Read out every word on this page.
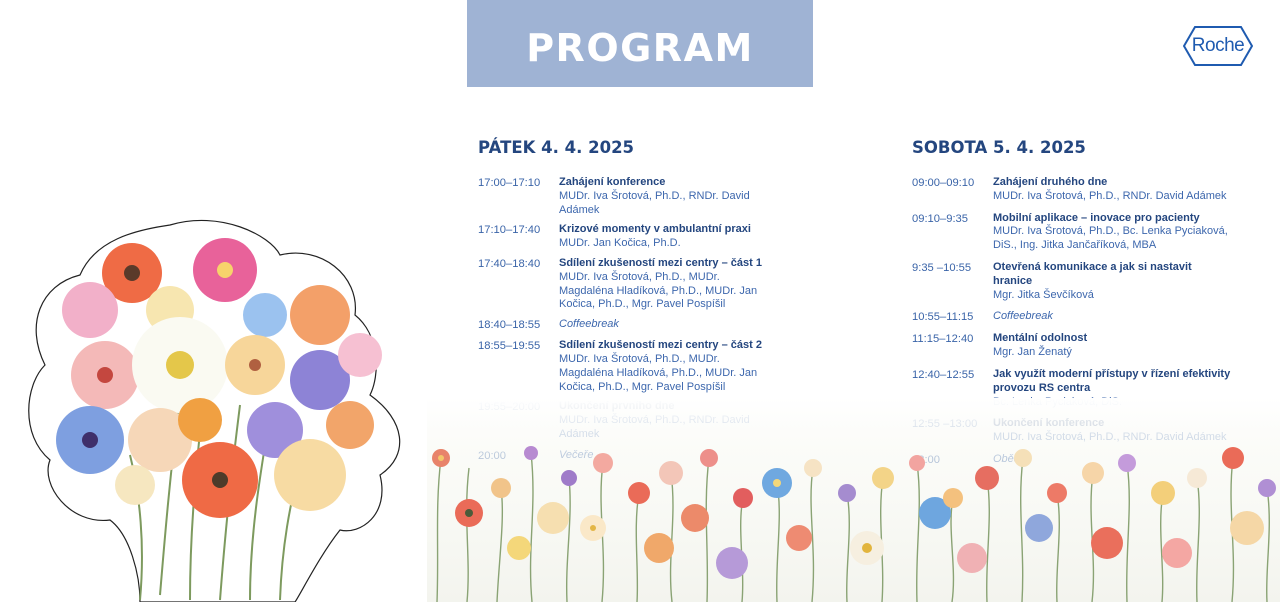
PROGRAM	Roche
PÁTEK 4. 4. 2025
17:00–17:10	Zahájení konference
MUDr. Iva Šrotová, Ph.D., RNDr. David Adámek
17:10–17:40	Krizové momenty v ambulantní praxi
MUDr. Jan Kočica, Ph.D.
17:40–18:40	Sdílení zkušeností mezi centry – část 1
MUDr. Iva Šrotová, Ph.D., MUDr. Magdaléna Hladíková, Ph.D., MUDr. Jan Kočica, Ph.D., Mgr. Pavel Pospíšil
18:40–18:55	Coffeebreak
18:55–19:55	Sdílení zkušeností mezi centry – část 2
MUDr. Iva Šrotová, Ph.D., MUDr. Magdaléna Hladíková, Ph.D., MUDr. Jan Kočica, Ph.D., Mgr. Pavel Pospíšil
SOBOTA 5. 4. 2025
09:00–09:10	Zahájení druhého dne
MUDr. Iva Šrotová, Ph.D., RNDr. David Adámek
09:10–9:35	Mobilní aplikace – inovace pro pacienty
MUDr. Iva Šrotová, Ph.D., Bc. Lenka Pyciaková, DiS., Ing. Jitka Jančaříková, MBA
9:35 –10:55	Otevřená komunikace a jak si nastavit hranice
Mgr. Jitka Ševčíková
10:55–11:15	Coffeebreak
11:15–12:40	Mentální odolnost
Mgr. Jan Ženatý
12:40–12:55	Jak využít moderní přístupy v řízení efektivity provozu RS centra
